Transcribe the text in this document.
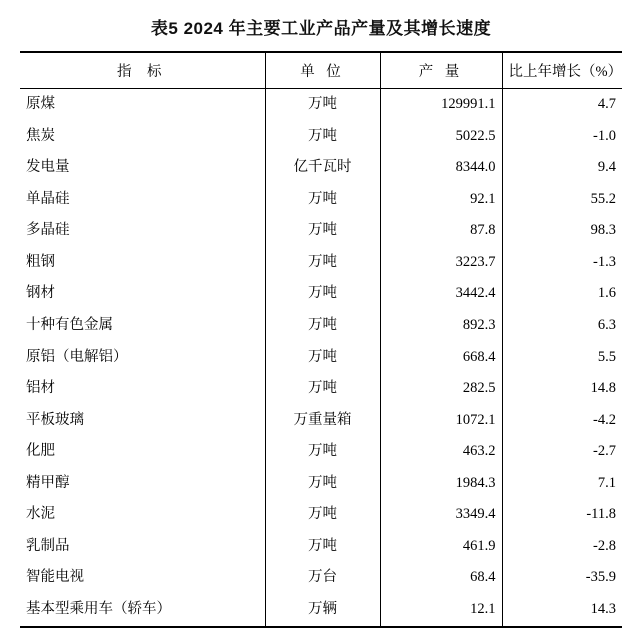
表5 2024 年主要工业产品产量及其增长速度
指 标	单 位	产 量	比上年增长（%）
原煤	万吨	129991.1	4.7
焦炭	万吨	5022.5	-1.0
发电量	亿千瓦时	8344.0	9.4
单晶硅	万吨	92.1	55.2
多晶硅	万吨	87.8	98.3
粗钢	万吨	3223.7	-1.3
钢材	万吨	3442.4	1.6
十种有色金属	万吨	892.3	6.3
原铝（电解铝）	万吨	668.4	5.5
铝材	万吨	282.5	14.8
平板玻璃	万重量箱	1072.1	-4.2
化肥	万吨	463.2	-2.7
精甲醇	万吨	1984.3	7.1
水泥	万吨	3349.4	-11.8
乳制品	万吨	461.9	-2.8
智能电视	万台	68.4	-35.9
基本型乘用车（轿车）	万辆	12.1	14.3
